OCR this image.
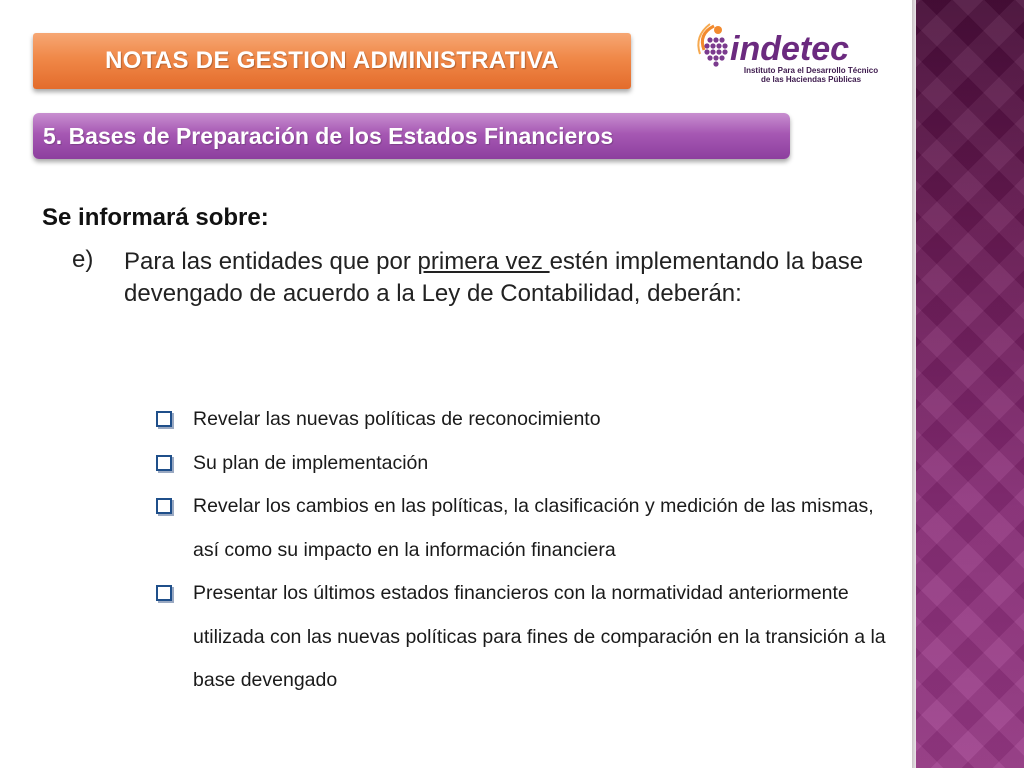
NOTAS DE GESTION ADMINISTRATIVA	indetec
Instituto Para el Desarrollo Técnico
de las Haciendas Públicas
5. Bases de Preparación de los Estados Financieros
Se informará sobre:
e) Para las entidades que por primera vez estén implementando la base devengado de acuerdo a la Ley de Contabilidad, deberán:
Revelar las nuevas políticas de reconocimiento
Su plan de implementación
Revelar los cambios en las políticas, la clasificación y medición de las mismas, así como su impacto en la información financiera
Presentar los últimos estados financieros con la normatividad anteriormente utilizada con las nuevas políticas para fines de comparación en la transición a la base devengado
